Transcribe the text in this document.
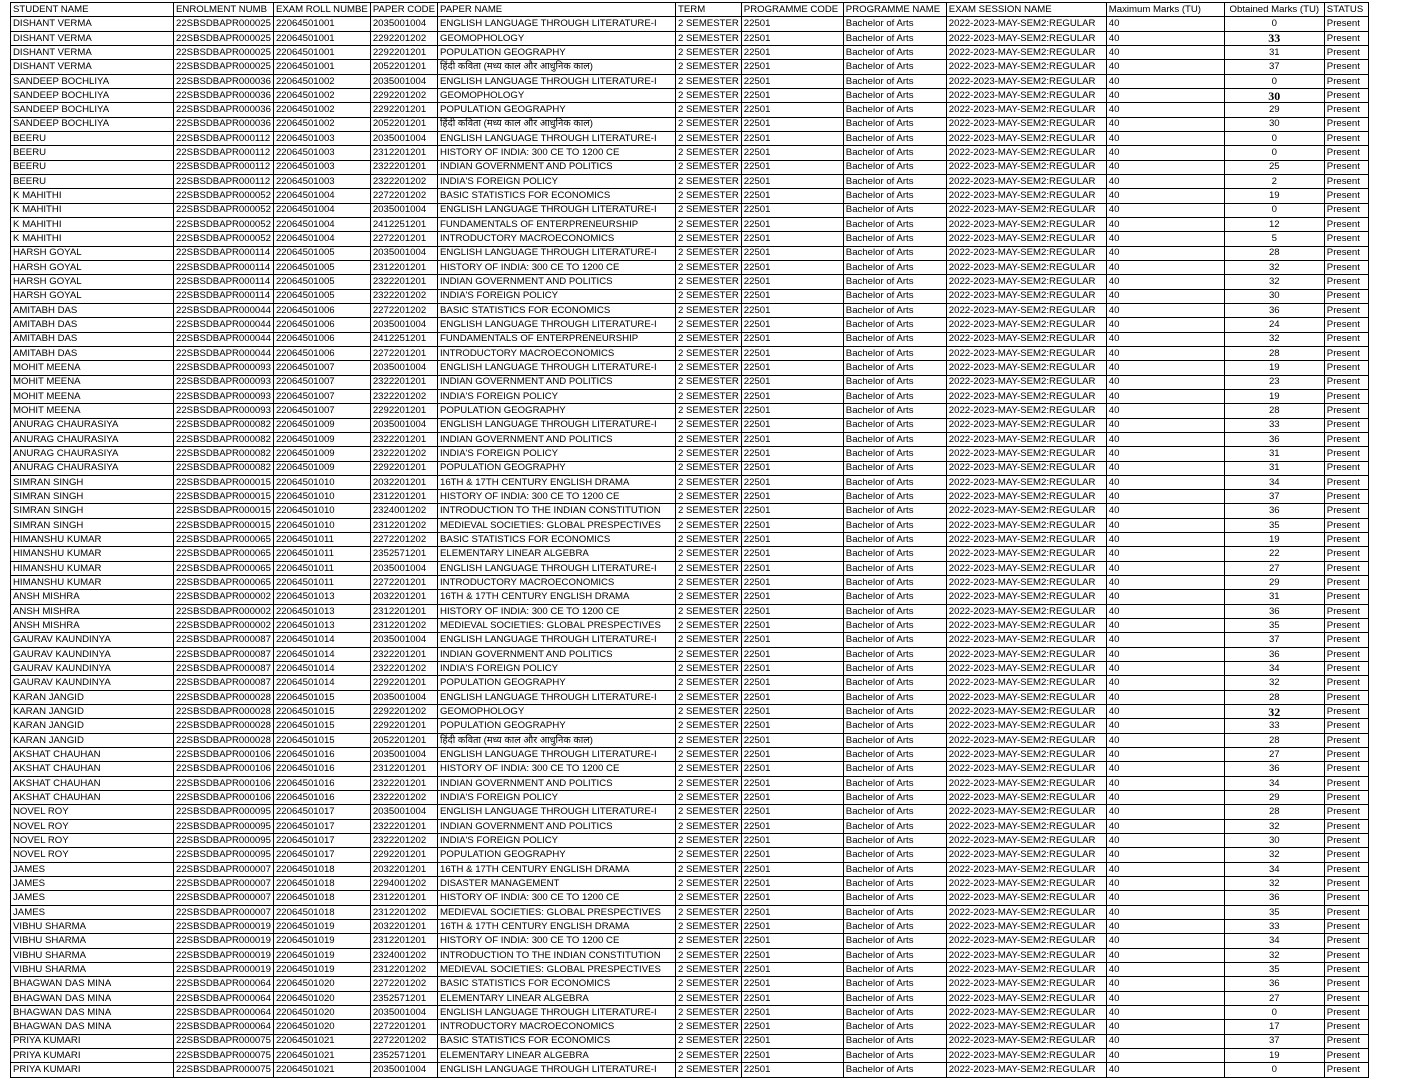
STUDENT NAME	ENROLMENT NUMB	EXAM ROLL NUMBE	PAPER CODE	PAPER NAME	TERM	PROGRAMME CODE	PROGRAMME NAME	EXAM SESSION NAME	Maximum Marks (TU)	Obtained Marks (TU)	STATUS
DISHANT VERMA	22SBSDBAPR000025	22064501001	2035001004	ENGLISH LANGUAGE THROUGH LITERATURE-I	2 SEMESTER	22501	Bachelor of Arts	2022-2023-MAY-SEM2:REGULAR	40	0	Present
DISHANT VERMA	22SBSDBAPR000025	22064501001	2292201202	GEOMOPHOLOGY	2 SEMESTER	22501	Bachelor of Arts	2022-2023-MAY-SEM2:REGULAR	40	33	Present
DISHANT VERMA	22SBSDBAPR000025	22064501001	2292201201	POPULATION GEOGRAPHY	2 SEMESTER	22501	Bachelor of Arts	2022-2023-MAY-SEM2:REGULAR	40	31	Present
DISHANT VERMA	22SBSDBAPR000025	22064501001	2052201201	हिंदी कविता (मध्य काल और आधुनिक काल)	2 SEMESTER	22501	Bachelor of Arts	2022-2023-MAY-SEM2:REGULAR	40	37	Present
SANDEEP BOCHLIYA	22SBSDBAPR000036	22064501002	2035001004	ENGLISH LANGUAGE THROUGH LITERATURE-I	2 SEMESTER	22501	Bachelor of Arts	2022-2023-MAY-SEM2:REGULAR	40	0	Present
SANDEEP BOCHLIYA	22SBSDBAPR000036	22064501002	2292201202	GEOMOPHOLOGY	2 SEMESTER	22501	Bachelor of Arts	2022-2023-MAY-SEM2:REGULAR	40	30	Present
SANDEEP BOCHLIYA	22SBSDBAPR000036	22064501002	2292201201	POPULATION GEOGRAPHY	2 SEMESTER	22501	Bachelor of Arts	2022-2023-MAY-SEM2:REGULAR	40	29	Present
SANDEEP BOCHLIYA	22SBSDBAPR000036	22064501002	2052201201	हिंदी कविता (मध्य काल और आधुनिक काल)	2 SEMESTER	22501	Bachelor of Arts	2022-2023-MAY-SEM2:REGULAR	40	30	Present
BEERU	22SBSDBAPR000112	22064501003	2035001004	ENGLISH LANGUAGE THROUGH LITERATURE-I	2 SEMESTER	22501	Bachelor of Arts	2022-2023-MAY-SEM2:REGULAR	40	0	Present
BEERU	22SBSDBAPR000112	22064501003	2312201201	HISTORY OF INDIA: 300 CE TO 1200 CE	2 SEMESTER	22501	Bachelor of Arts	2022-2023-MAY-SEM2:REGULAR	40	0	Present
BEERU	22SBSDBAPR000112	22064501003	2322201201	INDIAN GOVERNMENT AND POLITICS	2 SEMESTER	22501	Bachelor of Arts	2022-2023-MAY-SEM2:REGULAR	40	25	Present
BEERU	22SBSDBAPR000112	22064501003	2322201202	INDIA'S FOREIGN POLICY	2 SEMESTER	22501	Bachelor of Arts	2022-2023-MAY-SEM2:REGULAR	40	2	Present
K MAHITHI	22SBSDBAPR000052	22064501004	2272201202	BASIC STATISTICS FOR ECONOMICS	2 SEMESTER	22501	Bachelor of Arts	2022-2023-MAY-SEM2:REGULAR	40	19	Present
K MAHITHI	22SBSDBAPR000052	22064501004	2035001004	ENGLISH LANGUAGE THROUGH LITERATURE-I	2 SEMESTER	22501	Bachelor of Arts	2022-2023-MAY-SEM2:REGULAR	40	0	Present
K MAHITHI	22SBSDBAPR000052	22064501004	2412251201	FUNDAMENTALS OF ENTERPRENEURSHIP	2 SEMESTER	22501	Bachelor of Arts	2022-2023-MAY-SEM2:REGULAR	40	12	Present
K MAHITHI	22SBSDBAPR000052	22064501004	2272201201	INTRODUCTORY MACROECONOMICS	2 SEMESTER	22501	Bachelor of Arts	2022-2023-MAY-SEM2:REGULAR	40	5	Present
HARSH GOYAL	22SBSDBAPR000114	22064501005	2035001004	ENGLISH LANGUAGE THROUGH LITERATURE-I	2 SEMESTER	22501	Bachelor of Arts	2022-2023-MAY-SEM2:REGULAR	40	28	Present
HARSH GOYAL	22SBSDBAPR000114	22064501005	2312201201	HISTORY OF INDIA: 300 CE TO 1200 CE	2 SEMESTER	22501	Bachelor of Arts	2022-2023-MAY-SEM2:REGULAR	40	32	Present
HARSH GOYAL	22SBSDBAPR000114	22064501005	2322201201	INDIAN GOVERNMENT AND POLITICS	2 SEMESTER	22501	Bachelor of Arts	2022-2023-MAY-SEM2:REGULAR	40	32	Present
HARSH GOYAL	22SBSDBAPR000114	22064501005	2322201202	INDIA'S FOREIGN POLICY	2 SEMESTER	22501	Bachelor of Arts	2022-2023-MAY-SEM2:REGULAR	40	30	Present
AMITABH DAS	22SBSDBAPR000044	22064501006	2272201202	BASIC STATISTICS FOR ECONOMICS	2 SEMESTER	22501	Bachelor of Arts	2022-2023-MAY-SEM2:REGULAR	40	36	Present
AMITABH DAS	22SBSDBAPR000044	22064501006	2035001004	ENGLISH LANGUAGE THROUGH LITERATURE-I	2 SEMESTER	22501	Bachelor of Arts	2022-2023-MAY-SEM2:REGULAR	40	24	Present
AMITABH DAS	22SBSDBAPR000044	22064501006	2412251201	FUNDAMENTALS OF ENTERPRENEURSHIP	2 SEMESTER	22501	Bachelor of Arts	2022-2023-MAY-SEM2:REGULAR	40	32	Present
AMITABH DAS	22SBSDBAPR000044	22064501006	2272201201	INTRODUCTORY MACROECONOMICS	2 SEMESTER	22501	Bachelor of Arts	2022-2023-MAY-SEM2:REGULAR	40	28	Present
MOHIT MEENA	22SBSDBAPR000093	22064501007	2035001004	ENGLISH LANGUAGE THROUGH LITERATURE-I	2 SEMESTER	22501	Bachelor of Arts	2022-2023-MAY-SEM2:REGULAR	40	19	Present
MOHIT MEENA	22SBSDBAPR000093	22064501007	2322201201	INDIAN GOVERNMENT AND POLITICS	2 SEMESTER	22501	Bachelor of Arts	2022-2023-MAY-SEM2:REGULAR	40	23	Present
MOHIT MEENA	22SBSDBAPR000093	22064501007	2322201202	INDIA'S FOREIGN POLICY	2 SEMESTER	22501	Bachelor of Arts	2022-2023-MAY-SEM2:REGULAR	40	19	Present
MOHIT MEENA	22SBSDBAPR000093	22064501007	2292201201	POPULATION GEOGRAPHY	2 SEMESTER	22501	Bachelor of Arts	2022-2023-MAY-SEM2:REGULAR	40	28	Present
ANURAG CHAURASIYA	22SBSDBAPR000082	22064501009	2035001004	ENGLISH LANGUAGE THROUGH LITERATURE-I	2 SEMESTER	22501	Bachelor of Arts	2022-2023-MAY-SEM2:REGULAR	40	33	Present
ANURAG CHAURASIYA	22SBSDBAPR000082	22064501009	2322201201	INDIAN GOVERNMENT AND POLITICS	2 SEMESTER	22501	Bachelor of Arts	2022-2023-MAY-SEM2:REGULAR	40	36	Present
ANURAG CHAURASIYA	22SBSDBAPR000082	22064501009	2322201202	INDIA'S FOREIGN POLICY	2 SEMESTER	22501	Bachelor of Arts	2022-2023-MAY-SEM2:REGULAR	40	31	Present
ANURAG CHAURASIYA	22SBSDBAPR000082	22064501009	2292201201	POPULATION GEOGRAPHY	2 SEMESTER	22501	Bachelor of Arts	2022-2023-MAY-SEM2:REGULAR	40	31	Present
SIMRAN SINGH	22SBSDBAPR000015	22064501010	2032201201	16TH & 17TH CENTURY ENGLISH DRAMA	2 SEMESTER	22501	Bachelor of Arts	2022-2023-MAY-SEM2:REGULAR	40	34	Present
SIMRAN SINGH	22SBSDBAPR000015	22064501010	2312201201	HISTORY OF INDIA: 300 CE TO 1200 CE	2 SEMESTER	22501	Bachelor of Arts	2022-2023-MAY-SEM2:REGULAR	40	37	Present
SIMRAN SINGH	22SBSDBAPR000015	22064501010	2324001202	INTRODUCTION TO THE INDIAN CONSTITUTION	2 SEMESTER	22501	Bachelor of Arts	2022-2023-MAY-SEM2:REGULAR	40	36	Present
SIMRAN SINGH	22SBSDBAPR000015	22064501010	2312201202	MEDIEVAL SOCIETIES: GLOBAL PRESPECTIVES	2 SEMESTER	22501	Bachelor of Arts	2022-2023-MAY-SEM2:REGULAR	40	35	Present
HIMANSHU KUMAR	22SBSDBAPR000065	22064501011	2272201202	BASIC STATISTICS FOR ECONOMICS	2 SEMESTER	22501	Bachelor of Arts	2022-2023-MAY-SEM2:REGULAR	40	19	Present
HIMANSHU KUMAR	22SBSDBAPR000065	22064501011	2352571201	ELEMENTARY LINEAR ALGEBRA	2 SEMESTER	22501	Bachelor of Arts	2022-2023-MAY-SEM2:REGULAR	40	22	Present
HIMANSHU KUMAR	22SBSDBAPR000065	22064501011	2035001004	ENGLISH LANGUAGE THROUGH LITERATURE-I	2 SEMESTER	22501	Bachelor of Arts	2022-2023-MAY-SEM2:REGULAR	40	27	Present
HIMANSHU KUMAR	22SBSDBAPR000065	22064501011	2272201201	INTRODUCTORY MACROECONOMICS	2 SEMESTER	22501	Bachelor of Arts	2022-2023-MAY-SEM2:REGULAR	40	29	Present
ANSH MISHRA	22SBSDBAPR000002	22064501013	2032201201	16TH & 17TH CENTURY ENGLISH DRAMA	2 SEMESTER	22501	Bachelor of Arts	2022-2023-MAY-SEM2:REGULAR	40	31	Present
ANSH MISHRA	22SBSDBAPR000002	22064501013	2312201201	HISTORY OF INDIA: 300 CE TO 1200 CE	2 SEMESTER	22501	Bachelor of Arts	2022-2023-MAY-SEM2:REGULAR	40	36	Present
ANSH MISHRA	22SBSDBAPR000002	22064501013	2312201202	MEDIEVAL SOCIETIES: GLOBAL PRESPECTIVES	2 SEMESTER	22501	Bachelor of Arts	2022-2023-MAY-SEM2:REGULAR	40	35	Present
GAURAV KAUNDINYA	22SBSDBAPR000087	22064501014	2035001004	ENGLISH LANGUAGE THROUGH LITERATURE-I	2 SEMESTER	22501	Bachelor of Arts	2022-2023-MAY-SEM2:REGULAR	40	37	Present
GAURAV KAUNDINYA	22SBSDBAPR000087	22064501014	2322201201	INDIAN GOVERNMENT AND POLITICS	2 SEMESTER	22501	Bachelor of Arts	2022-2023-MAY-SEM2:REGULAR	40	36	Present
GAURAV KAUNDINYA	22SBSDBAPR000087	22064501014	2322201202	INDIA'S FOREIGN POLICY	2 SEMESTER	22501	Bachelor of Arts	2022-2023-MAY-SEM2:REGULAR	40	34	Present
GAURAV KAUNDINYA	22SBSDBAPR000087	22064501014	2292201201	POPULATION GEOGRAPHY	2 SEMESTER	22501	Bachelor of Arts	2022-2023-MAY-SEM2:REGULAR	40	32	Present
KARAN JANGID	22SBSDBAPR000028	22064501015	2035001004	ENGLISH LANGUAGE THROUGH LITERATURE-I	2 SEMESTER	22501	Bachelor of Arts	2022-2023-MAY-SEM2:REGULAR	40	28	Present
KARAN JANGID	22SBSDBAPR000028	22064501015	2292201202	GEOMOPHOLOGY	2 SEMESTER	22501	Bachelor of Arts	2022-2023-MAY-SEM2:REGULAR	40	32	Present
KARAN JANGID	22SBSDBAPR000028	22064501015	2292201201	POPULATION GEOGRAPHY	2 SEMESTER	22501	Bachelor of Arts	2022-2023-MAY-SEM2:REGULAR	40	33	Present
KARAN JANGID	22SBSDBAPR000028	22064501015	2052201201	हिंदी कविता (मध्य काल और आधुनिक काल)	2 SEMESTER	22501	Bachelor of Arts	2022-2023-MAY-SEM2:REGULAR	40	28	Present
AKSHAT CHAUHAN	22SBSDBAPR000106	22064501016	2035001004	ENGLISH LANGUAGE THROUGH LITERATURE-I	2 SEMESTER	22501	Bachelor of Arts	2022-2023-MAY-SEM2:REGULAR	40	27	Present
AKSHAT CHAUHAN	22SBSDBAPR000106	22064501016	2312201201	HISTORY OF INDIA: 300 CE TO 1200 CE	2 SEMESTER	22501	Bachelor of Arts	2022-2023-MAY-SEM2:REGULAR	40	36	Present
AKSHAT CHAUHAN	22SBSDBAPR000106	22064501016	2322201201	INDIAN GOVERNMENT AND POLITICS	2 SEMESTER	22501	Bachelor of Arts	2022-2023-MAY-SEM2:REGULAR	40	34	Present
AKSHAT CHAUHAN	22SBSDBAPR000106	22064501016	2322201202	INDIA'S FOREIGN POLICY	2 SEMESTER	22501	Bachelor of Arts	2022-2023-MAY-SEM2:REGULAR	40	29	Present
NOVEL ROY	22SBSDBAPR000095	22064501017	2035001004	ENGLISH LANGUAGE THROUGH LITERATURE-I	2 SEMESTER	22501	Bachelor of Arts	2022-2023-MAY-SEM2:REGULAR	40	28	Present
NOVEL ROY	22SBSDBAPR000095	22064501017	2322201201	INDIAN GOVERNMENT AND POLITICS	2 SEMESTER	22501	Bachelor of Arts	2022-2023-MAY-SEM2:REGULAR	40	32	Present
NOVEL ROY	22SBSDBAPR000095	22064501017	2322201202	INDIA'S FOREIGN POLICY	2 SEMESTER	22501	Bachelor of Arts	2022-2023-MAY-SEM2:REGULAR	40	30	Present
NOVEL ROY	22SBSDBAPR000095	22064501017	2292201201	POPULATION GEOGRAPHY	2 SEMESTER	22501	Bachelor of Arts	2022-2023-MAY-SEM2:REGULAR	40	32	Present
JAMES	22SBSDBAPR000007	22064501018	2032201201	16TH & 17TH CENTURY ENGLISH DRAMA	2 SEMESTER	22501	Bachelor of Arts	2022-2023-MAY-SEM2:REGULAR	40	34	Present
JAMES	22SBSDBAPR000007	22064501018	2294001202	DISASTER MANAGEMENT	2 SEMESTER	22501	Bachelor of Arts	2022-2023-MAY-SEM2:REGULAR	40	32	Present
JAMES	22SBSDBAPR000007	22064501018	2312201201	HISTORY OF INDIA: 300 CE TO 1200 CE	2 SEMESTER	22501	Bachelor of Arts	2022-2023-MAY-SEM2:REGULAR	40	36	Present
JAMES	22SBSDBAPR000007	22064501018	2312201202	MEDIEVAL SOCIETIES: GLOBAL PRESPECTIVES	2 SEMESTER	22501	Bachelor of Arts	2022-2023-MAY-SEM2:REGULAR	40	35	Present
VIBHU SHARMA	22SBSDBAPR000019	22064501019	2032201201	16TH & 17TH CENTURY ENGLISH DRAMA	2 SEMESTER	22501	Bachelor of Arts	2022-2023-MAY-SEM2:REGULAR	40	33	Present
VIBHU SHARMA	22SBSDBAPR000019	22064501019	2312201201	HISTORY OF INDIA: 300 CE TO 1200 CE	2 SEMESTER	22501	Bachelor of Arts	2022-2023-MAY-SEM2:REGULAR	40	34	Present
VIBHU SHARMA	22SBSDBAPR000019	22064501019	2324001202	INTRODUCTION TO THE INDIAN CONSTITUTION	2 SEMESTER	22501	Bachelor of Arts	2022-2023-MAY-SEM2:REGULAR	40	32	Present
VIBHU SHARMA	22SBSDBAPR000019	22064501019	2312201202	MEDIEVAL SOCIETIES: GLOBAL PRESPECTIVES	2 SEMESTER	22501	Bachelor of Arts	2022-2023-MAY-SEM2:REGULAR	40	35	Present
BHAGWAN DAS MINA	22SBSDBAPR000064	22064501020	2272201202	BASIC STATISTICS FOR ECONOMICS	2 SEMESTER	22501	Bachelor of Arts	2022-2023-MAY-SEM2:REGULAR	40	36	Present
BHAGWAN DAS MINA	22SBSDBAPR000064	22064501020	2352571201	ELEMENTARY LINEAR ALGEBRA	2 SEMESTER	22501	Bachelor of Arts	2022-2023-MAY-SEM2:REGULAR	40	27	Present
BHAGWAN DAS MINA	22SBSDBAPR000064	22064501020	2035001004	ENGLISH LANGUAGE THROUGH LITERATURE-I	2 SEMESTER	22501	Bachelor of Arts	2022-2023-MAY-SEM2:REGULAR	40	0	Present
BHAGWAN DAS MINA	22SBSDBAPR000064	22064501020	2272201201	INTRODUCTORY MACROECONOMICS	2 SEMESTER	22501	Bachelor of Arts	2022-2023-MAY-SEM2:REGULAR	40	17	Present
PRIYA KUMARI	22SBSDBAPR000075	22064501021	2272201202	BASIC STATISTICS FOR ECONOMICS	2 SEMESTER	22501	Bachelor of Arts	2022-2023-MAY-SEM2:REGULAR	40	37	Present
PRIYA KUMARI	22SBSDBAPR000075	22064501021	2352571201	ELEMENTARY LINEAR ALGEBRA	2 SEMESTER	22501	Bachelor of Arts	2022-2023-MAY-SEM2:REGULAR	40	19	Present
PRIYA KUMARI	22SBSDBAPR000075	22064501021	2035001004	ENGLISH LANGUAGE THROUGH LITERATURE-I	2 SEMESTER	22501	Bachelor of Arts	2022-2023-MAY-SEM2:REGULAR	40	0	Present
